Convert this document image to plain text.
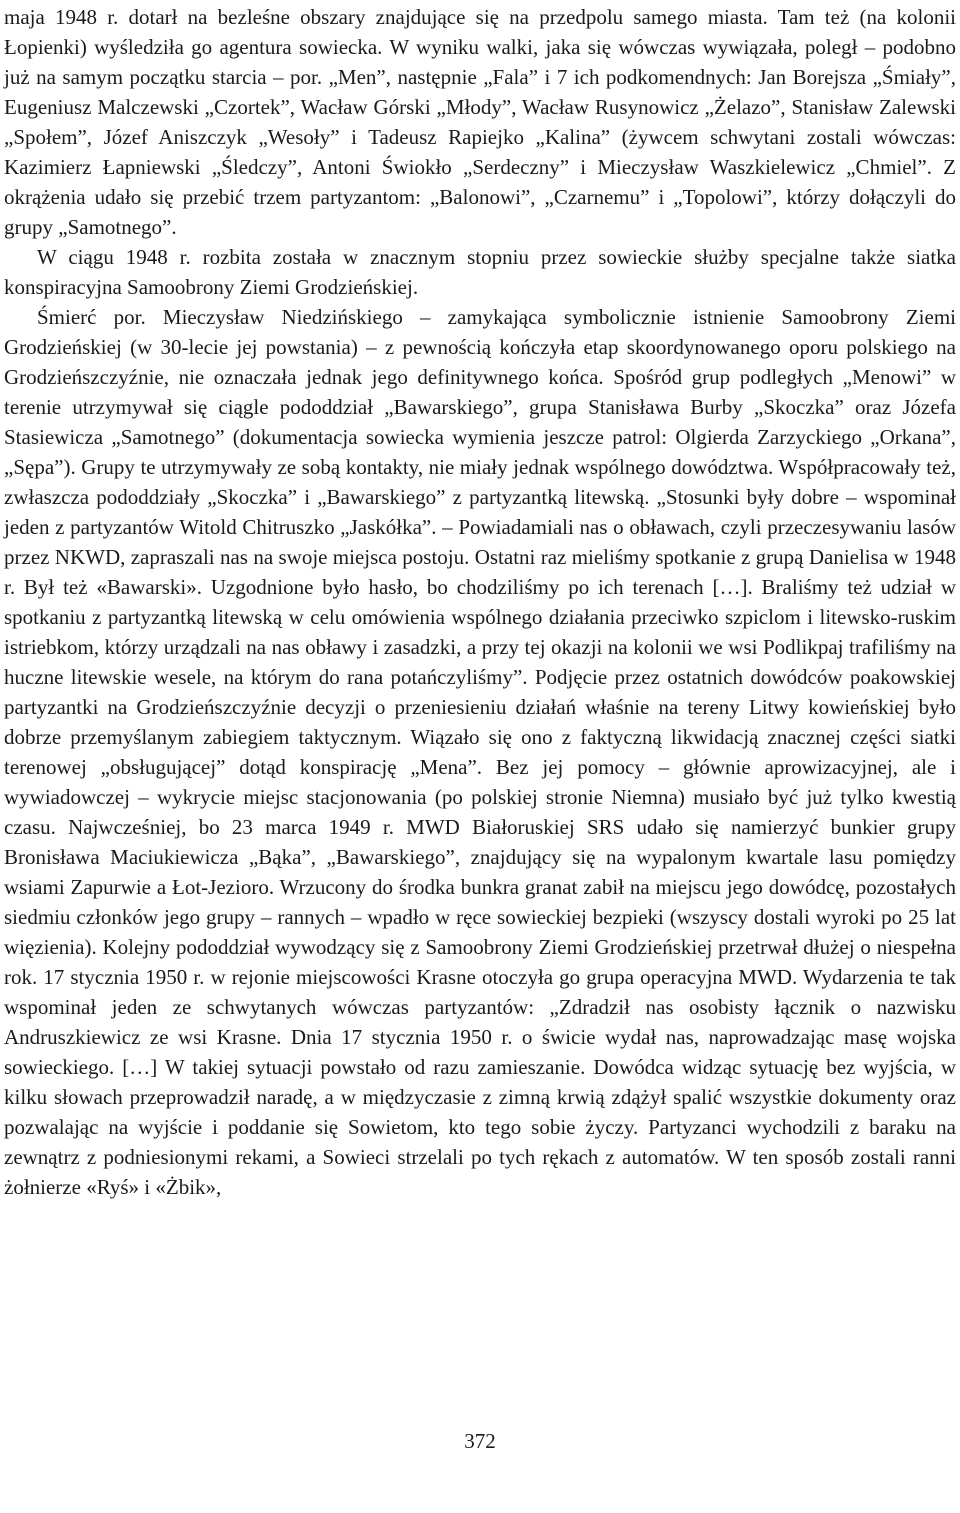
maja 1948 r. dotarł na bezleśne obszary znajdujące się na przedpolu samego miasta. Tam też (na kolonii Łopienki) wyśledziła go agentura sowiecka. W wyniku walki, jaka się wówczas wywiązała, poległ – podobno już na samym początku starcia – por. „Men”, następnie „Fala” i 7 ich podkomendnych: Jan Borejsza „Śmiały”, Eugeniusz Malczewski „Czortek”, Wacław Górski „Młody”, Wacław Rusynowicz „Żelazo”, Stanisław Zalewski „Społem”, Józef Aniszczyk „Wesoły” i Tadeusz Rapiejko „Kalina” (żywcem schwytani zostali wówczas: Kazimierz Łapniewski „Śledczy”, Antoni Świokło „Serdeczny” i Mieczysław Waszkielewicz „Chmiel”. Z okrążenia udało się przebić trzem partyzantom: „Balonowi”, „Czarnemu” i „Topolowi”, którzy dołączyli do grupy „Samotnego”.

W ciągu 1948 r. rozbita została w znacznym stopniu przez sowieckie służby specjalne także siatka konspiracyjna Samoobrony Ziemi Grodzieńskiej.

Śmierć por. Mieczysław Niedzińskiego – zamykająca symbolicznie istnienie Samoobrony Ziemi Grodzieńskiej (w 30-lecie jej powstania) – z pewnością kończyła etap skoordynowanego oporu polskiego na Grodzieńszczyźnie, nie oznaczała jednak jego definitywnego końca. Spośród grup podległych „Menowi” w terenie utrzymywał się ciągle pododdział „Bawarskiego”, grupa Stanisława Burby „Skoczka” oraz Józefa Stasiewicza „Samotnego” (dokumentacja sowiecka wymienia jeszcze patrol: Olgierda Zarzyckiego „Orkana”, „Sępa”). Grupy te utrzymywały ze sobą kontakty, nie miały jednak wspólnego dowództwa. Współpracowały też, zwłaszcza pododdziały „Skoczka” i „Bawarskiego” z partyzantką litewską. „Stosunki były dobre – wspominał jeden z partyzantów Witold Chitruszko „Jaskółka”. – Powiadamiali nas o obławach, czyli przeczesywaniu lasów przez NKWD, zapraszali nas na swoje miejsca postoju. Ostatni raz mieliśmy spotkanie z grupą Danielisa w 1948 r. Był też «Bawarski». Uzgodnione było hasło, bo chodziliśmy po ich terenach […]. Braliśmy też udział w spotkaniu z partyzantką litewską w celu omówienia wspólnego działania przeciwko szpiclom i litewsko-ruskim istriebkom, którzy urządzali na nas obławy i zasadzki, a przy tej okazji na kolonii we wsi Podlikpaj trafiliśmy na huczne litewskie wesele, na którym do rana potańczyliśmy”. Podjęcie przez ostatnich dowódców poakowskiej partyzantki na Grodzieńszczyźnie decyzji o przeniesieniu działań właśnie na tereny Litwy kowieńskiej było dobrze przemyślanym zabiegiem taktycznym. Wiązało się ono z faktyczną likwidacją znacznej części siatki terenowej „obsługującej” dotąd konspirację „Mena”. Bez jej pomocy – głównie aprowizacyjnej, ale i wywiadowczej – wykrycie miejsc stacjonowania (po polskiej stronie Niemna) musiało być już tylko kwestią czasu. Najwcześniej, bo 23 marca 1949 r. MWD Białoruskiej SRS udało się namierzyć bunkier grupy Bronisława Maciukiewicza „Bąka”, „Bawarskiego”, znajdujący się na wypalonym kwartale lasu pomiędzy wsiami Zapurwie a Łot-Jezioro. Wrzucony do środka bunkra granat zabił na miejscu jego dowódcę, pozostałych siedmiu członków jego grupy – rannych – wpadło w ręce sowieckiej bezpieki (wszyscy dostali wyroki po 25 lat więzienia). Kolejny pododdział wywodzący się z Samoobrony Ziemi Grodzieńskiej przetrwał dłużej o niespełna rok. 17 stycznia 1950 r. w rejonie miejscowości Krasne otoczyła go grupa operacyjna MWD. Wydarzenia te tak wspominał jeden ze schwytanych wówczas partyzantów: „Zdradził nas osobisty łącznik o nazwisku Andruszkiewicz ze wsi Krasne. Dnia 17 stycznia 1950 r. o świcie wydał nas, naprowadzając masę wojska sowieckiego. […] W takiej sytuacji powstało od razu zamieszanie. Dowódca widząc sytuację bez wyjścia, w kilku słowach przeprowadził naradę, a w międzyczasie z zimną krwią zdążył spalić wszystkie dokumenty oraz pozwalając na wyjście i poddanie się Sowietom, kto tego sobie życzy. Partyzanci wychodzili z baraku na zewnątrz z podniesionymi rekami, a Sowieci strzelali po tych rękach z automatów. W ten sposób zostali ranni żołnierze «Ryś» i «Żbik»,

372
